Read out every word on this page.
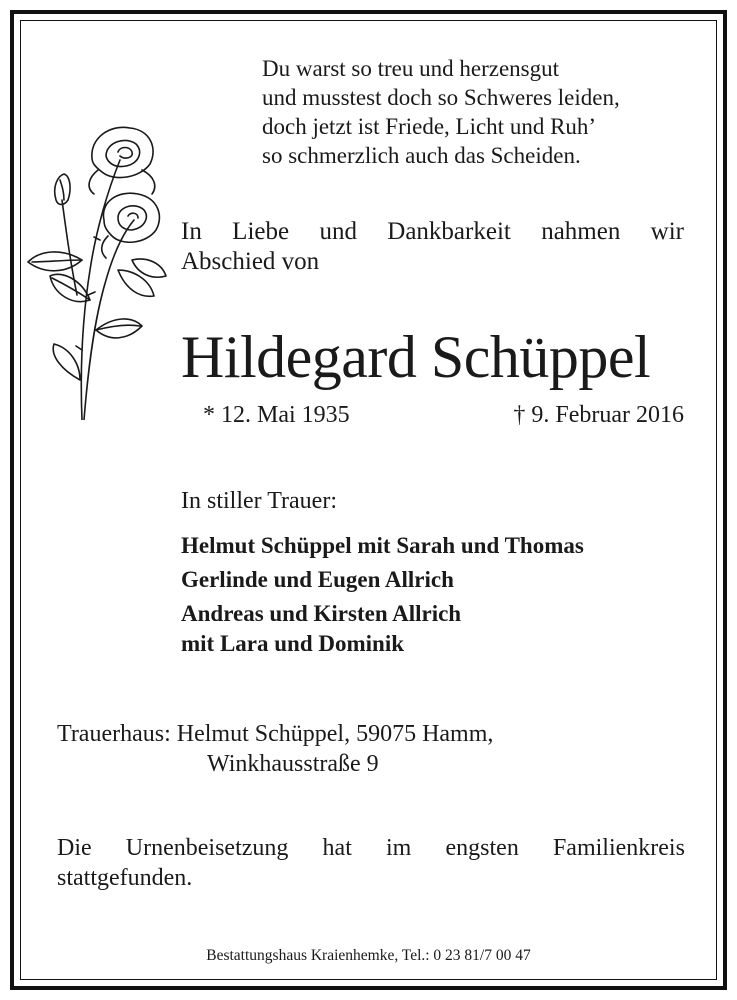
Du warst so treu und herzensgut
und musstest doch so Schweres leiden,
doch jetzt ist Friede, Licht und Ruh’
so schmerzlich auch das Scheiden.
In Liebe und Dankbarkeit nahmen wir
Abschied von
Hildegard Schüppel
* 12. Mai 1935	† 9. Februar 2016
In stiller Trauer:
Helmut Schüppel mit Sarah und Thomas
Gerlinde und Eugen Allrich
Andreas und Kirsten Allrich
mit Lara und Dominik
Trauerhaus: Helmut Schüppel, 59075 Hamm,
Winkhausstraße 9
Die Urnenbeisetzung hat im engsten Familienkreis
stattgefunden.
Bestattungshaus Kraienhemke, Tel.: 0 23 81/7 00 47
